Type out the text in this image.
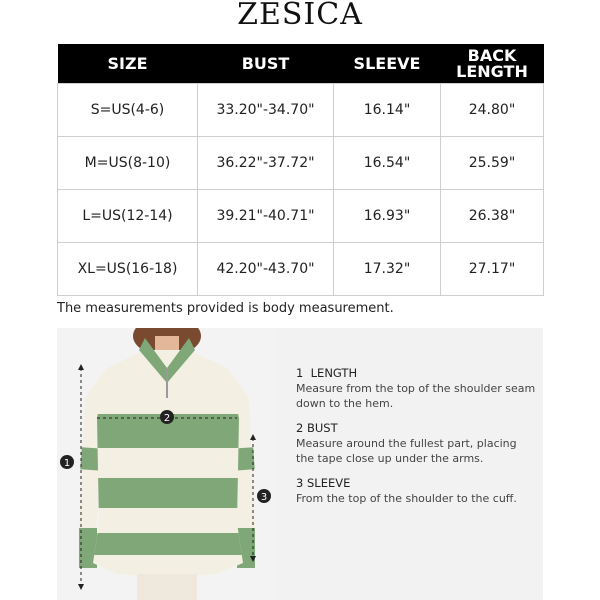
ZESICA
SIZE	BUST	SLEEVE	BACK LENGTH
S=US(4-6)	33.20"-34.70"	16.14"	24.80"
M=US(8-10)	36.22"-37.72"	16.54"	25.59"
L=US(12-14)	39.21"-40.71"	16.93"	26.38"
XL=US(16-18)	42.20"-43.70"	17.32"	27.17"
The measurements provided is body measurement.
1
2
3
1 LENGTH
Measure from the top of the shoulder seam down to the hem.
2 BUST
Measure around the fullest part, placing the tape close up under the arms.
3 SLEEVE
From the top of the shoulder to the cuff.
